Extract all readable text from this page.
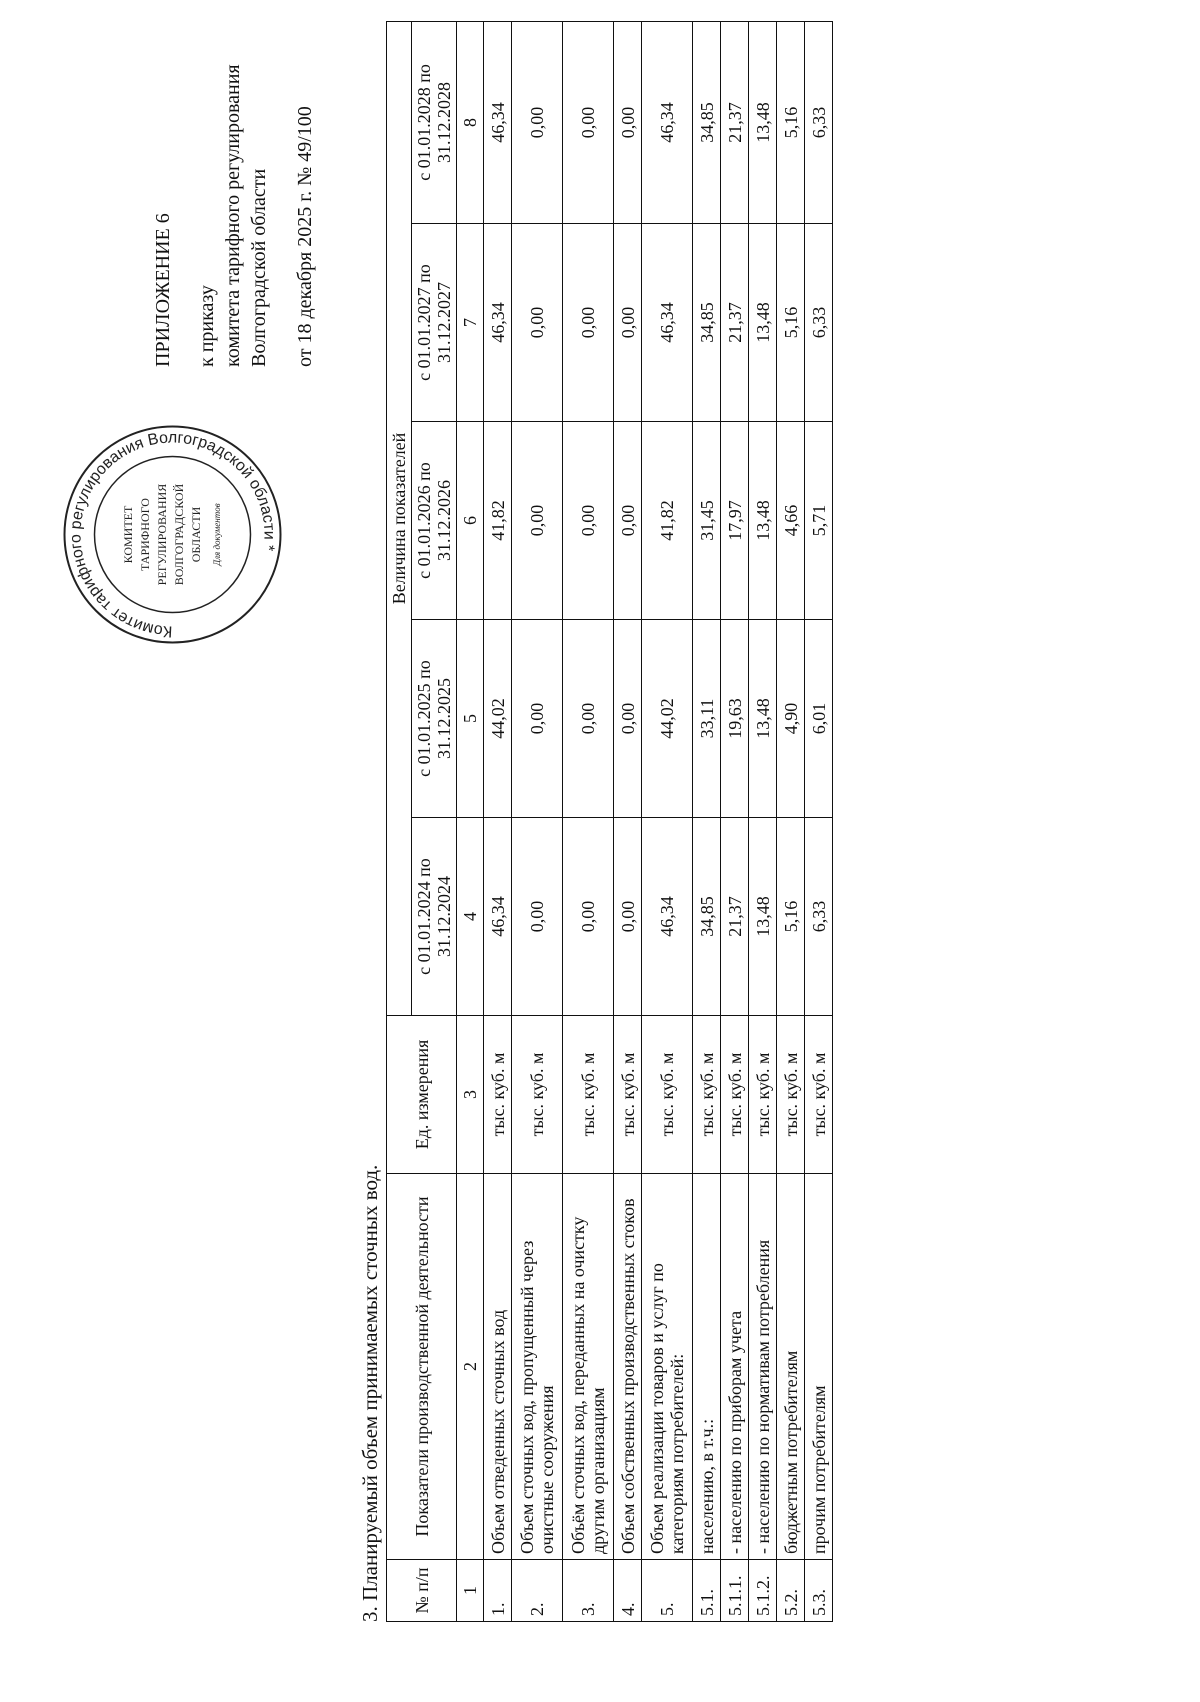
ПРИЛОЖЕНИЕ 6 к приказу комитета тарифного регулирования Волгоградской области от 18 декабря 2025 г. № 49/100
Комитет тарифного регулирования Волгоградской области *
КОМИТЕТ ТАРИФНОГО РЕГУЛИРОВАНИЯ ВОЛГОГРАДСКОЙ ОБЛАСТИ Для документов
3. Планируемый объем принимаемых сточных вод. № п/п	Показатели производственной деятельности	Ед. измерения	Величина показателей				
			с 01.01.2024 по 31.12.2024	с 01.01.2025 по 31.12.2025	с 01.01.2026 по 31.12.2026	с 01.01.2027 по 31.12.2027	с 01.01.2028 по 31.12.2028
1	2	3	4	5	6	7	8
1.	Объем отведенных сточных вод	тыс. куб. м	46,34	44,02	41,82	46,34	46,34
2.	Объем сточных вод, пропущенный через очистные сооружения	тыс. куб. м	0,00	0,00	0,00	0,00	0,00
3.	Объём сточных вод, переданных на очистку другим организациям	тыс. куб. м	0,00	0,00	0,00	0,00	0,00
4.	Объем собственных производственных стоков	тыс. куб. м	0,00	0,00	0,00	0,00	0,00
5.	Объем реализации товаров и услуг по категориям потребителей:	тыс. куб. м	46,34	44,02	41,82	46,34	46,34
5.1.	населению, в т.ч.:	тыс. куб. м	34,85	33,11	31,45	34,85	34,85
5.1.1.	- населению по приборам учета	тыс. куб. м	21,37	19,63	17,97	21,37	21,37
5.1.2.	- населению по нормативам потребления	тыс. куб. м	13,48	13,48	13,48	13,48	13,48
5.2.	бюджетным потребителям	тыс. куб. м	5,16	4,90	4,66	5,16	5,16
5.3.	прочим потребителям	тыс. куб. м	6,33	6,01	5,71	6,33	6,33
